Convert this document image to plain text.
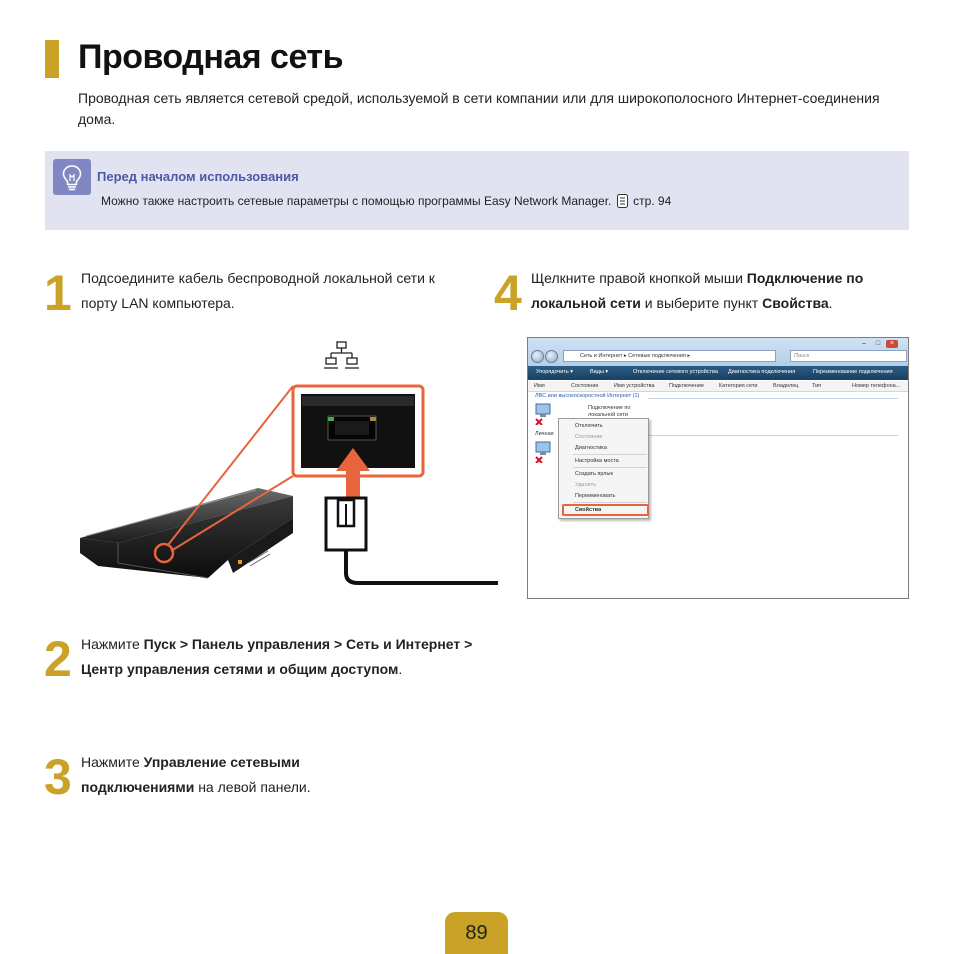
Проводная сеть

Проводная сеть является сетевой средой, используемой в сети компании или для широкополосного Интернет-соединения дома.

Перед началом использования
Можно также настроить сетевые параметры с помощью программы Easy Network Manager. стр. 94
1 Подсоедините кабель беспроводной локальной сети к порту LAN компьютера.
2 Нажмите Пуск > Панель управления > Сеть и Интернет > Центр управления сетями и общим доступом.
3 Нажмите Управление сетевыми подключениями на левой панели.
4 Щелкните правой кнопкой мыши Подключение по локальной сети и выберите пункт Свойства.
–	□	×
Сеть и Интернет ▸ Сетевые подключения ▸	Поиск
Упорядочить ▾	Виды ▾	Отключение сетевого устройства Диагностика подключения	Переименование подключения
Имя	Состояние	Имя устройства	Подключение	Категория сети	Владелец Тип	Номер телефона...
ЛВС или высокоскоростной Интернет (1)
Подключение по локальной сети
Личная
Отключить
Состояние
Диагностика
Настройка моста
Создать ярлык
Удалить
Переименовать
Свойства
89
